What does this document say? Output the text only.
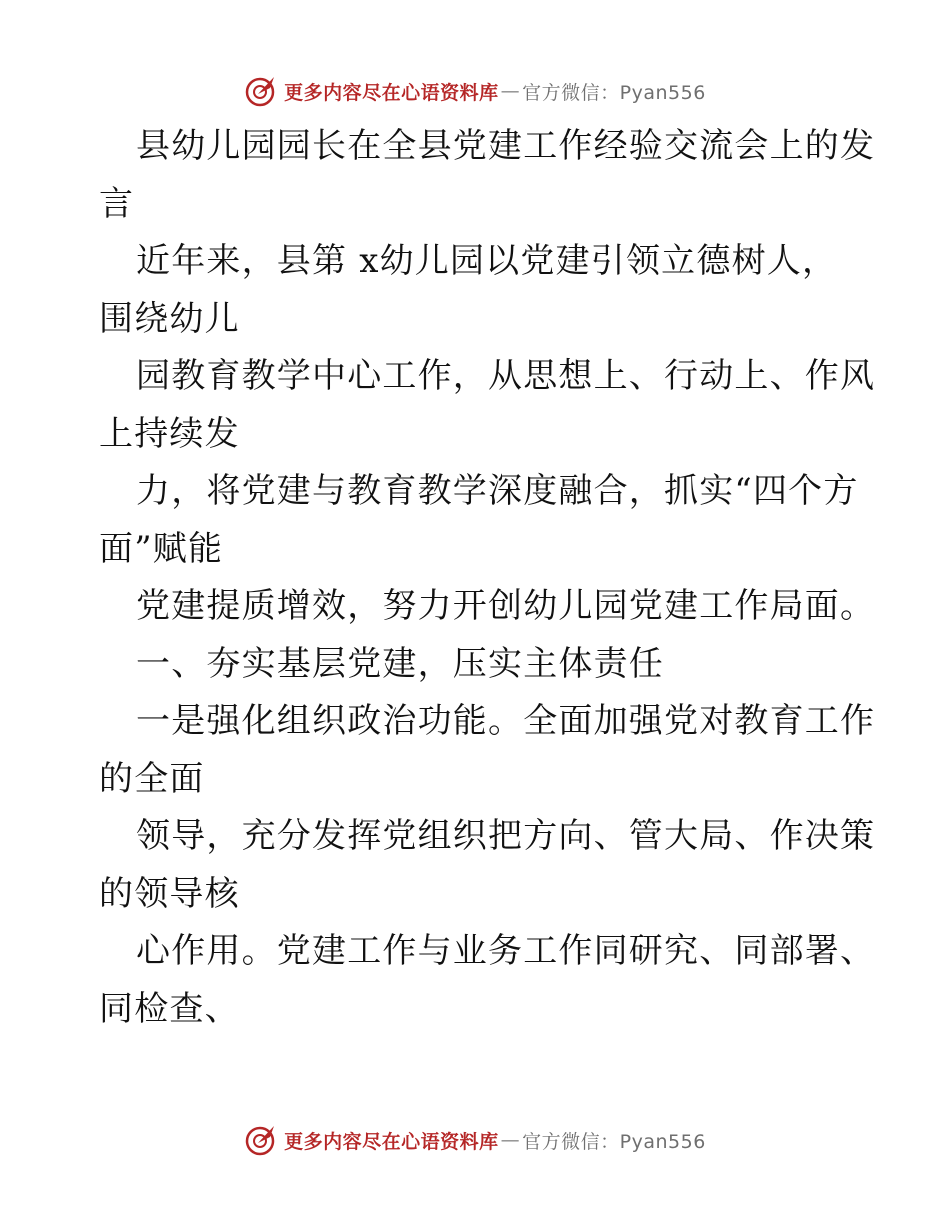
更多内容尽在心语资料库 — 官方微信：Pyan556
县幼儿园园长在全县党建工作经验交流会上的发
言
近年来，县第 x幼儿园以党建引领立德树人，
围绕幼儿
园教育教学中心工作，从思想上、行动上、作风
上持续发
力，将党建与教育教学深度融合，抓实“四个方
面”赋能
党建提质增效，努力开创幼儿园党建工作局面。
一、夯实基层党建，压实主体责任
一是强化组织政治功能。全面加强党对教育工作
的全面
领导，充分发挥党组织把方向、管大局、作决策
的领导核
心作用。党建工作与业务工作同研究、同部署、
同检查、
更多内容尽在心语资料库 — 官方微信：Pyan556
